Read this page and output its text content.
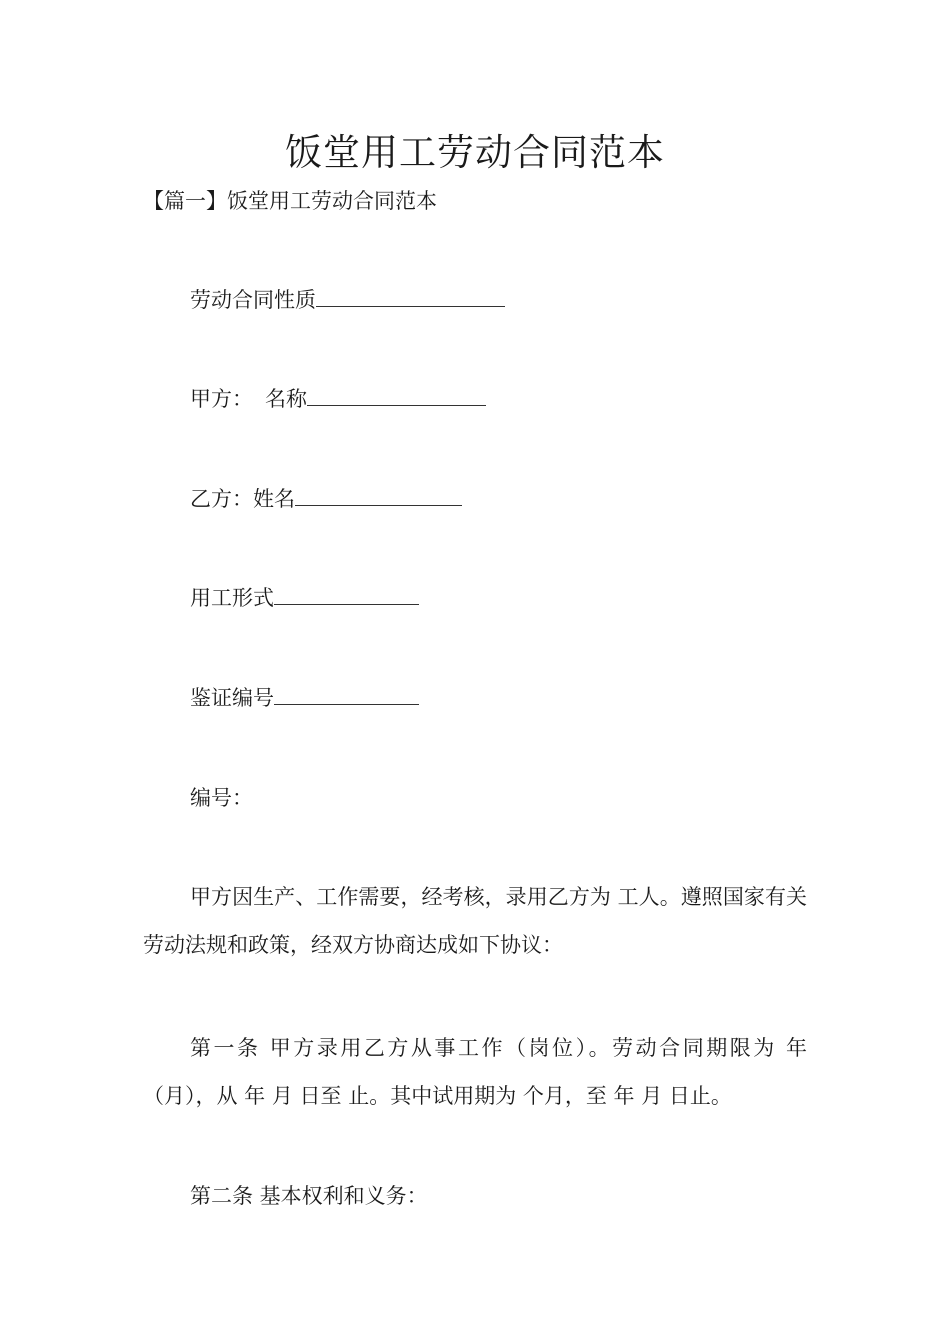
饭堂用工劳动合同范本
【篇一】饭堂用工劳动合同范本
劳动合同性质
甲方： 名称
乙方：姓名
用工形式
鉴证编号
编号：

甲方因生产、工作需要，经考核，录用乙方为 工人。遵照国家有关劳动法规和政策，经双方协商达成如下协议：

第一条 甲方录用乙方从事工作（岗位）。劳动合同期限为 年（月），从 年 月 日至 止。其中试用期为 个月，至 年 月 日止。

第二条 基本权利和义务：
